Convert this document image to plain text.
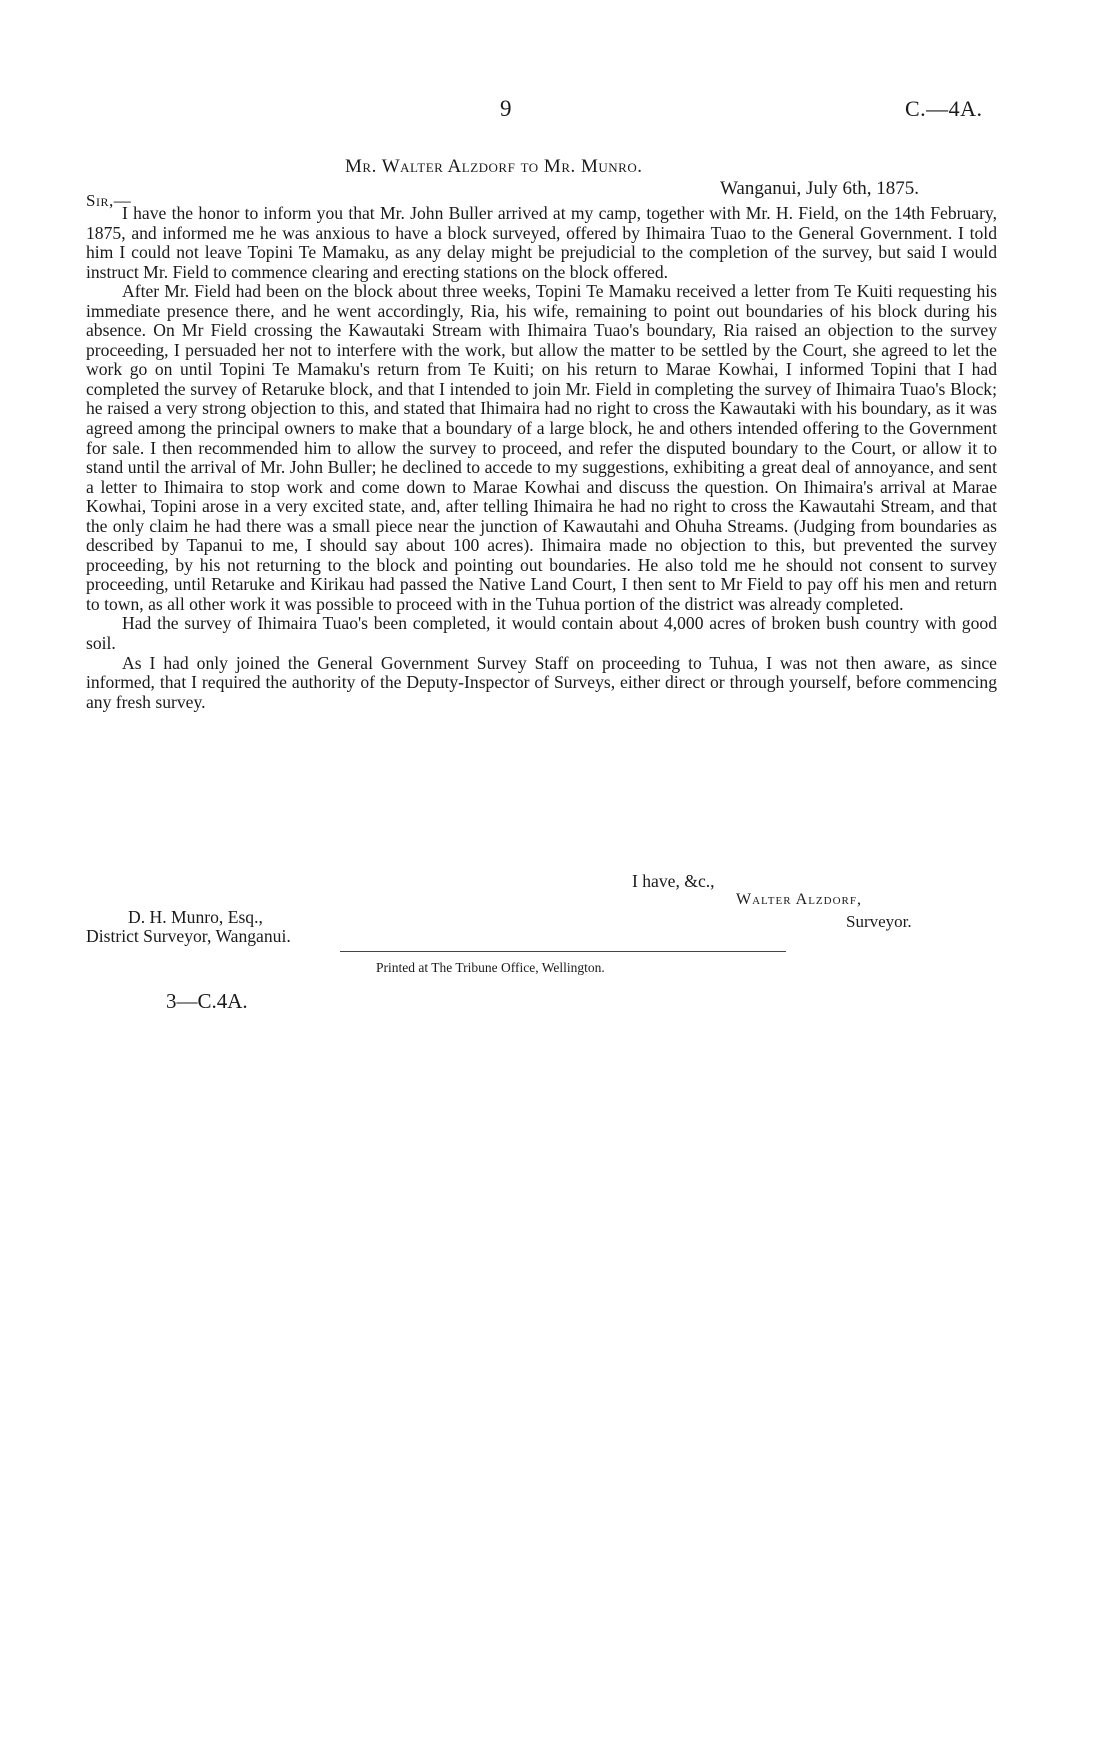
9	C.—4A.
Mr. Walter Alzdorf to Mr. Munro.
Wanganui, July 6th, 1875.
Sir,—

I have the honor to inform you that Mr. John Buller arrived at my camp, together with Mr. H. Field, on the 14th February, 1875, and informed me he was anxious to have a block surveyed, offered by Ihimaira Tuao to the General Government. I told him I could not leave Topini Te Mamaku, as any delay might be prejudicial to the completion of the survey, but said I would instruct Mr. Field to commence clearing and erecting stations on the block offered.

After Mr. Field had been on the block about three weeks, Topini Te Mamaku received a letter from Te Kuiti requesting his immediate presence there, and he went accordingly, Ria, his wife, remaining to point out boundaries of his block during his absence. On Mr Field crossing the Kawautaki Stream with Ihimaira Tuao's boundary, Ria raised an objection to the survey proceeding, I persuaded her not to interfere with the work, but allow the matter to be settled by the Court, she agreed to let the work go on until Topini Te Mamaku's return from Te Kuiti; on his return to Marae Kowhai, I informed Topini that I had completed the survey of Retaruke block, and that I intended to join Mr. Field in completing the survey of Ihimaira Tuao's Block; he raised a very strong objection to this, and stated that Ihimaira had no right to cross the Kawautaki with his boundary, as it was agreed among the principal owners to make that a boundary of a large block, he and others intended offering to the Government for sale. I then recommended him to allow the survey to proceed, and refer the disputed boundary to the Court, or allow it to stand until the arrival of Mr. John Buller; he declined to accede to my suggestions, exhibiting a great deal of annoyance, and sent a letter to Ihimaira to stop work and come down to Marae Kowhai and discuss the question. On Ihimaira's arrival at Marae Kowhai, Topini arose in a very excited state, and, after telling Ihimaira he had no right to cross the Kawautahi Stream, and that the only claim he had there was a small piece near the junction of Kawautahi and Ohuha Streams. (Judging from boundaries as described by Tapanui to me, I should say about 100 acres). Ihimaira made no objection to this, but prevented the survey proceeding, by his not returning to the block and pointing out boundaries. He also told me he should not consent to survey proceeding, until Retaruke and Kirikau had passed the Native Land Court, I then sent to Mr Field to pay off his men and return to town, as all other work it was possible to proceed with in the Tuhua portion of the district was already completed.

Had the survey of Ihimaira Tuao's been completed, it would contain about 4,000 acres of broken bush country with good soil.

As I had only joined the General Government Survey Staff on proceeding to Tuhua, I was not then aware, as since informed, that I required the authority of the Deputy-Inspector of Surveys, either direct or through yourself, before commencing any fresh survey.

I have, &c.,
Walter Alzdorf,
Surveyor.
D. H. Munro, Esq.,
District Surveyor, Wanganui.
Printed at The Tribune Office, Wellington.
3—C.4A.
